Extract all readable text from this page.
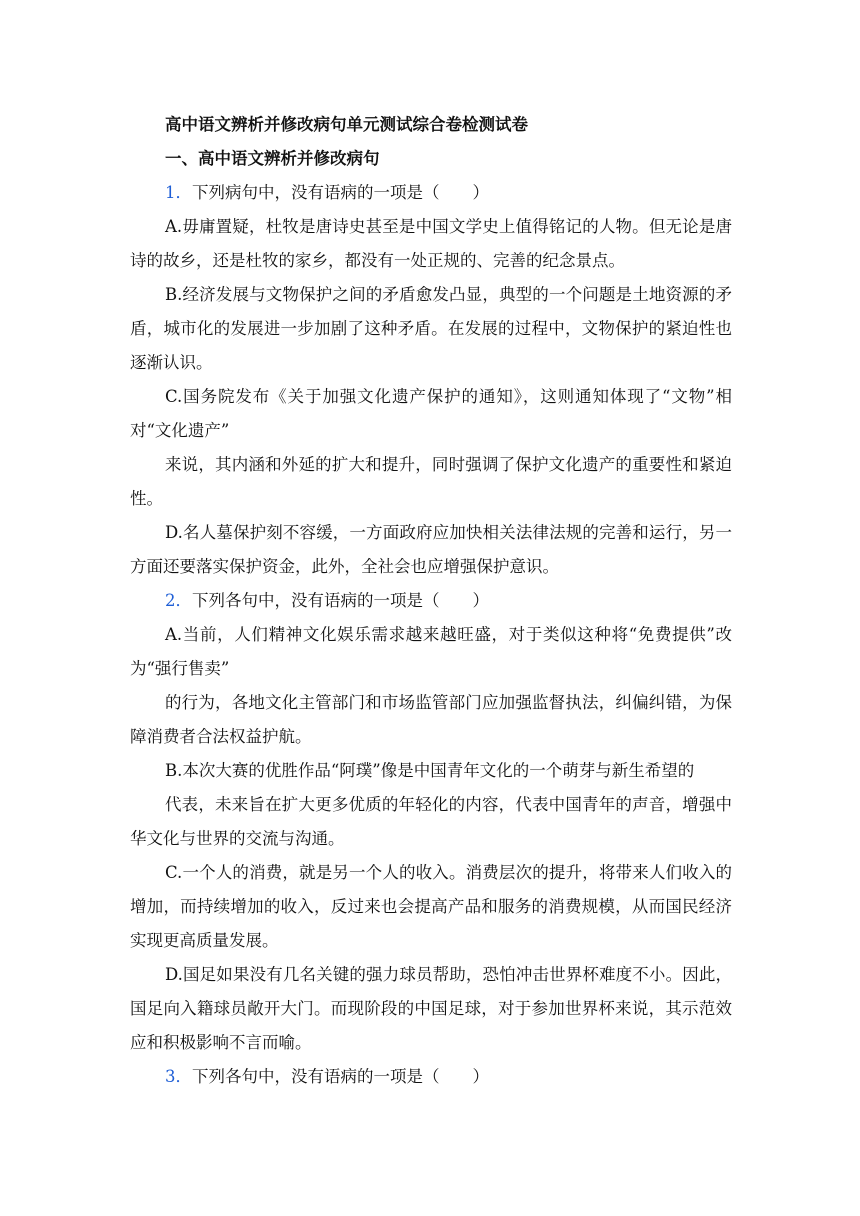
高中语文辨析并修改病句单元测试综合卷检测试卷
一、高中语文辨析并修改病句
1．下列病句中，没有语病的一项是（　　）

A.毋庸置疑，杜牧是唐诗史甚至是中国文学史上值得铭记的人物。但无论是唐诗的故乡，还是杜牧的家乡，都没有一处正规的、完善的纪念景点。

B.经济发展与文物保护之间的矛盾愈发凸显，典型的一个问题是土地资源的矛盾，城市化的发展进一步加剧了这种矛盾。在发展的过程中，文物保护的紧迫性也逐渐认识。

C.国务院发布《关于加强文化遗产保护的通知》，这则通知体现了“文物”相对“文化遗产”

来说，其内涵和外延的扩大和提升，同时强调了保护文化遗产的重要性和紧迫性。

D.名人墓保护刻不容缓，一方面政府应加快相关法律法规的完善和运行，另一方面还要落实保护资金，此外，全社会也应增强保护意识。

2．下列各句中，没有语病的一项是（　　）

A.当前，人们精神文化娱乐需求越来越旺盛，对于类似这种将“免费提供”改为“强行售卖”

的行为，各地文化主管部门和市场监管部门应加强监督执法，纠偏纠错，为保障消费者合法权益护航。

B.本次大赛的优胜作品“阿璞”像是中国青年文化的一个萌芽与新生希望的

代表，未来旨在扩大更多优质的年轻化的内容，代表中国青年的声音，增强中华文化与世界的交流与沟通。

C.一个人的消费，就是另一个人的收入。消费层次的提升，将带来人们收入的增加，而持续增加的收入，反过来也会提高产品和服务的消费规模，从而国民经济实现更高质量发展。

D.国足如果没有几名关键的强力球员帮助，恐怕冲击世界杯难度不小。因此，国足向入籍球员敞开大门。而现阶段的中国足球，对于参加世界杯来说，其示范效应和积极影响不言而喻。

3．下列各句中，没有语病的一项是（　　）
